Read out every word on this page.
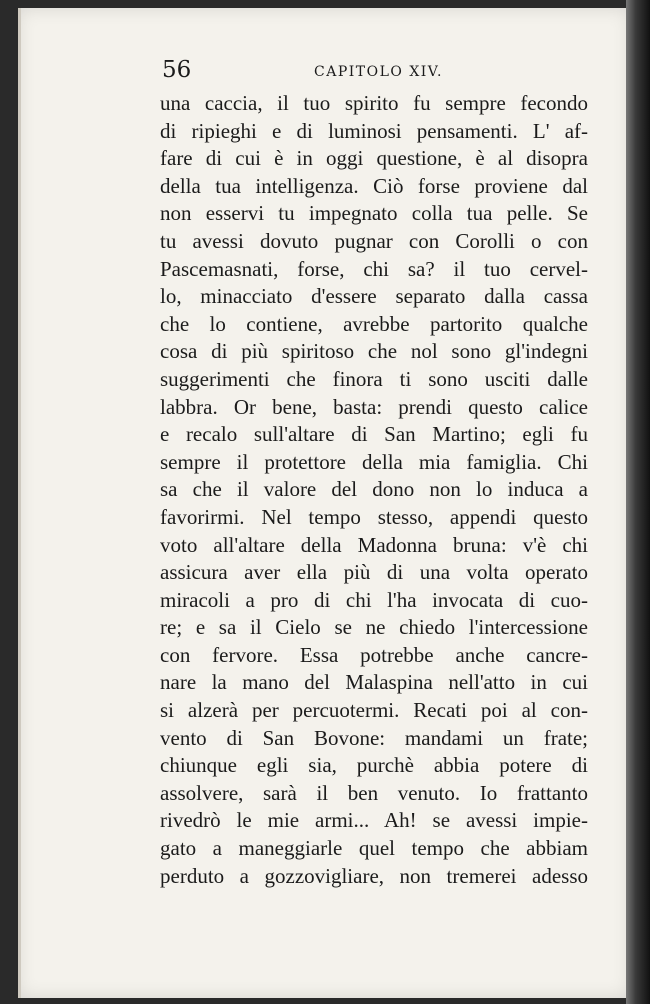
56	CAPITOLO XIV.
una caccia, il tuo spirito fu sempre fecondo
di ripieghi e di luminosi pensamenti. L' af-
fare di cui è in oggi questione, è al disopra
della tua intelligenza. Ciò forse proviene dal
non esservi tu impegnato colla tua pelle. Se
tu avessi dovuto pugnar con Corolli o con
Pascemasnati, forse, chi sa? il tuo cervel-
lo, minacciato d'essere separato dalla cassa
che lo contiene, avrebbe partorito qualche
cosa di più spiritoso che nol sono gl'indegni
suggerimenti che finora ti sono usciti dalle
labbra. Or bene, basta: prendi questo calice
e recalo sull'altare di San Martino; egli fu
sempre il protettore della mia famiglia. Chi
sa che il valore del dono non lo induca a
favorirmi. Nel tempo stesso, appendi questo
voto all'altare della Madonna bruna: v'è chi
assicura aver ella più di una volta operato
miracoli a pro di chi l'ha invocata di cuo-
re; e sa il Cielo se ne chiedo l'intercessione
con fervore. Essa potrebbe anche cancre-
nare la mano del Malaspina nell'atto in cui
si alzerà per percuotermi. Recati poi al con-
vento di San Bovone: mandami un frate;
chiunque egli sia, purchè abbia potere di
assolvere, sarà il ben venuto. Io frattanto
rivedrò le mie armi... Ah! se avessi impie-
gato a maneggiarle quel tempo che abbiam
perduto a gozzovigliare, non tremerei adesso
